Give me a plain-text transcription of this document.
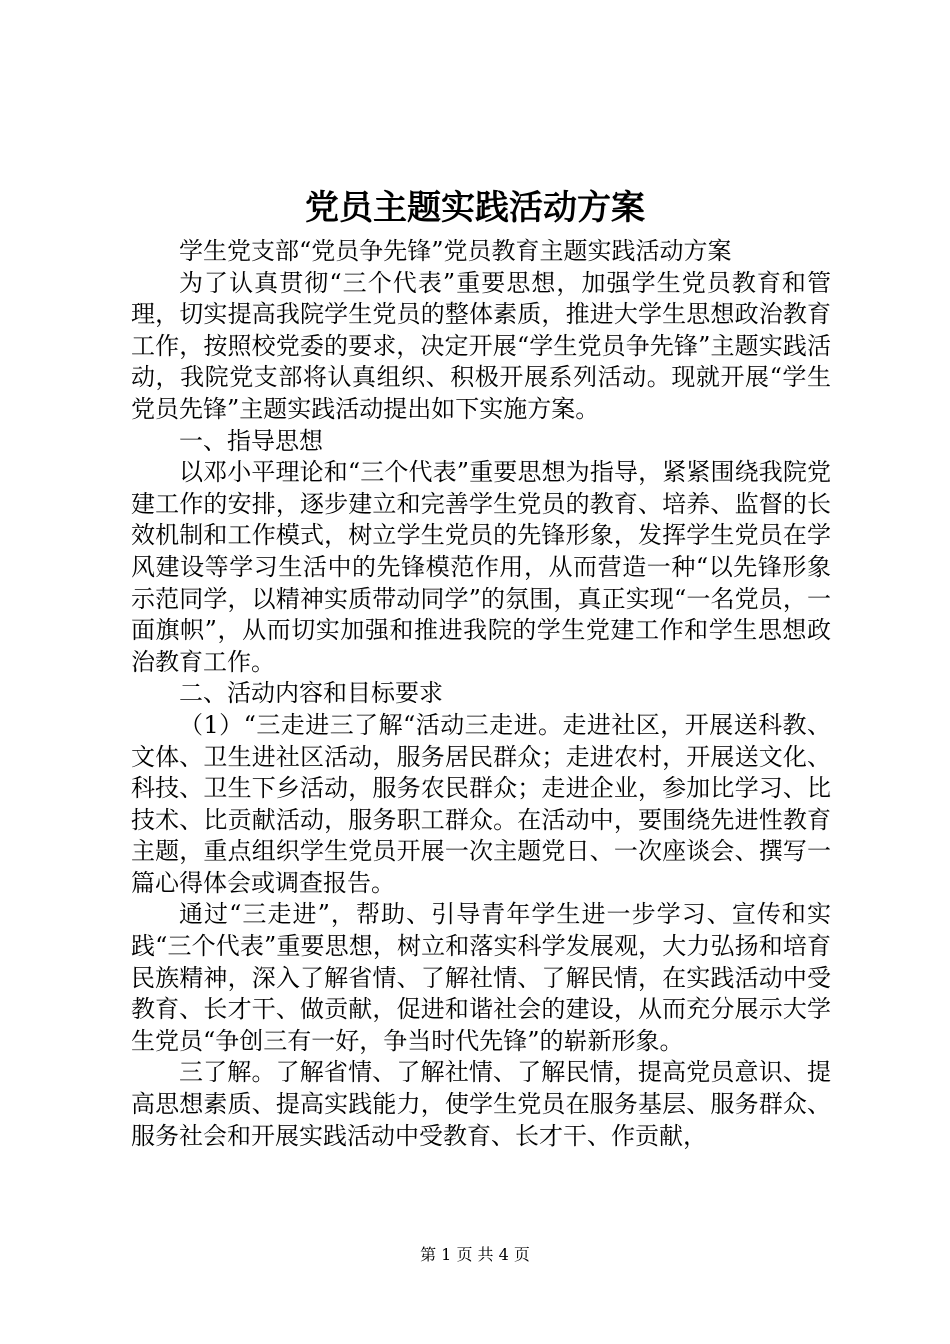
党员主题实践活动方案

学生党支部“党员争先锋”党员教育主题实践活动方案

为了认真贯彻“三个代表”重要思想，加强学生党员教育和管理，切实提高我院学生党员的整体素质，推进大学生思想政治教育工作，按照校党委的要求，决定开展“学生党员争先锋”主题实践活动，我院党支部将认真组织、积极开展系列活动。现就开展“学生党员先锋”主题实践活动提出如下实施方案。

一、指导思想

以邓小平理论和“三个代表”重要思想为指导，紧紧围绕我院党建工作的安排，逐步建立和完善学生党员的教育、培养、监督的长效机制和工作模式，树立学生党员的先锋形象，发挥学生党员在学风建设等学习生活中的先锋模范作用，从而营造一种“以先锋形象示范同学，以精神实质带动同学”的氛围，真正实现“一名党员，一面旗帜”，从而切实加强和推进我院的学生党建工作和学生思想政治教育工作。

二、活动内容和目标要求

（1）“三走进三了解“活动三走进。走进社区，开展送科教、文体、卫生进社区活动，服务居民群众；走进农村，开展送文化、科技、卫生下乡活动，服务农民群众；走进企业，参加比学习、比技术、比贡献活动，服务职工群众。在活动中，要围绕先进性教育主题，重点组织学生党员开展一次主题党日、一次座谈会、撰写一篇心得体会或调查报告。

通过“三走进”，帮助、引导青年学生进一步学习、宣传和实践“三个代表”重要思想，树立和落实科学发展观，大力弘扬和培育民族精神，深入了解省情、了解社情、了解民情，在实践活动中受教育、长才干、做贡献，促进和谐社会的建设，从而充分展示大学生党员“争创三有一好，争当时代先锋”的崭新形象。

三了解。了解省情、了解社情、了解民情，提高党员意识、提高思想素质、提高实践能力，使学生党员在服务基层、服务群众、服务社会和开展实践活动中受教育、长才干、作贡献，

第 1 页 共 4 页
